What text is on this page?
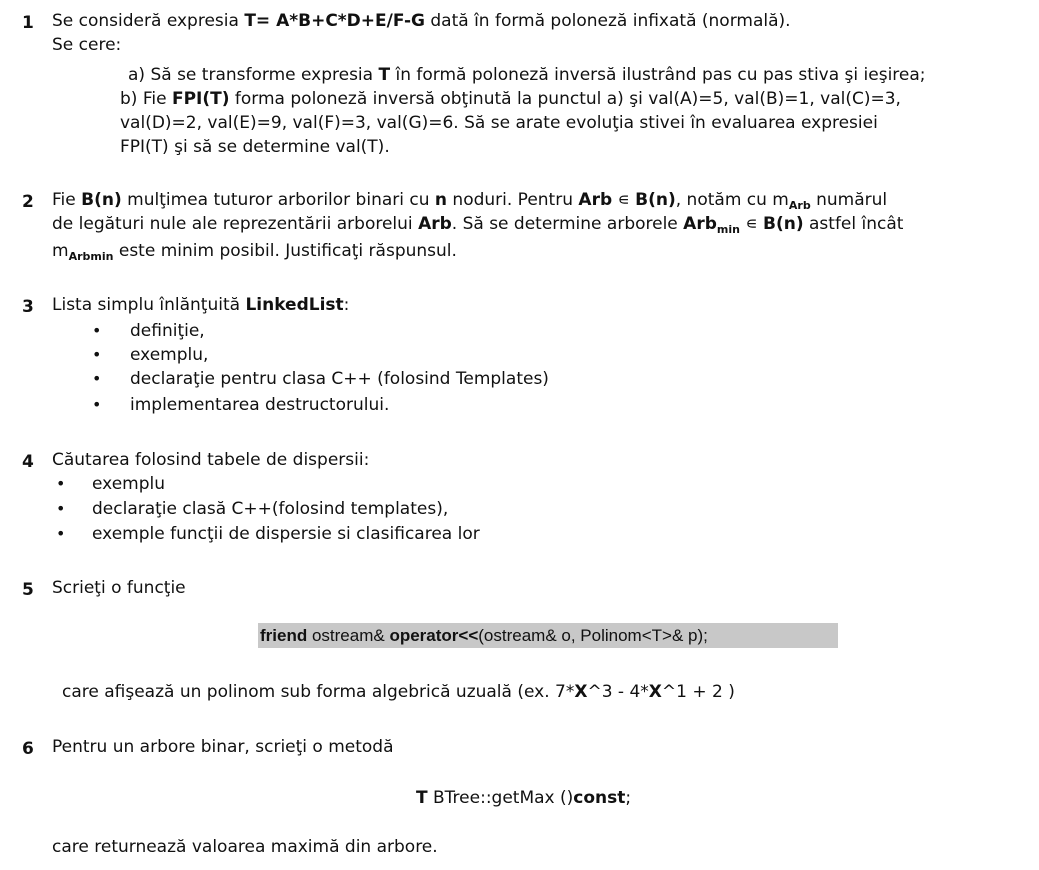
1 Se consideră expresia T= A*B+C*D+E/F-G dată în formă poloneză infixată (normală).
Se cere:
a) Să se transforme expresia T în formă poloneză inversă ilustrând pas cu pas stiva şi ieşirea;
b) Fie FPI(T) forma poloneză inversă obţinută la punctul a) şi val(A)=5, val(B)=1, val(C)=3,
val(D)=2, val(E)=9, val(F)=3, val(G)=6. Să se arate evoluţia stivei în evaluarea expresiei
FPI(T) şi să se determine val(T).
2 Fie B(n) mulţimea tuturor arborilor binari cu n noduri. Pentru Arb ∊ B(n), notăm cu $m_{Arb}$ numărul
de legături nule ale reprezentării arborelui Arb. Să se determine arborele Arb$_{min}$ ∊ B(n) astfel încât
$m_{Arbmin}$ este minim posibil. Justificaţi răspunsul.
3 Lista simplu înlănţuită LinkedList:
• definiţie,
• exemplu,
• declaraţie pentru clasa C++ (folosind Templates)
• implementarea destructorului.
4 Căutarea folosind tabele de dispersii:
• exemplu
• declaraţie clasă C++(folosind templates),
• exemple funcţii de dispersie si clasificarea lor
5 Scrieţi o funcţie
friend ostream& operator<<(ostream& o, Polinom<T>& p);
care afişează un polinom sub forma algebrică uzuală (ex. 7*X^3 - 4*X^1 + 2 )
6 Pentru un arbore binar, scrieţi o metodă
T BTree::getMax ()const;
care returnează valoarea maximă din arbore.
